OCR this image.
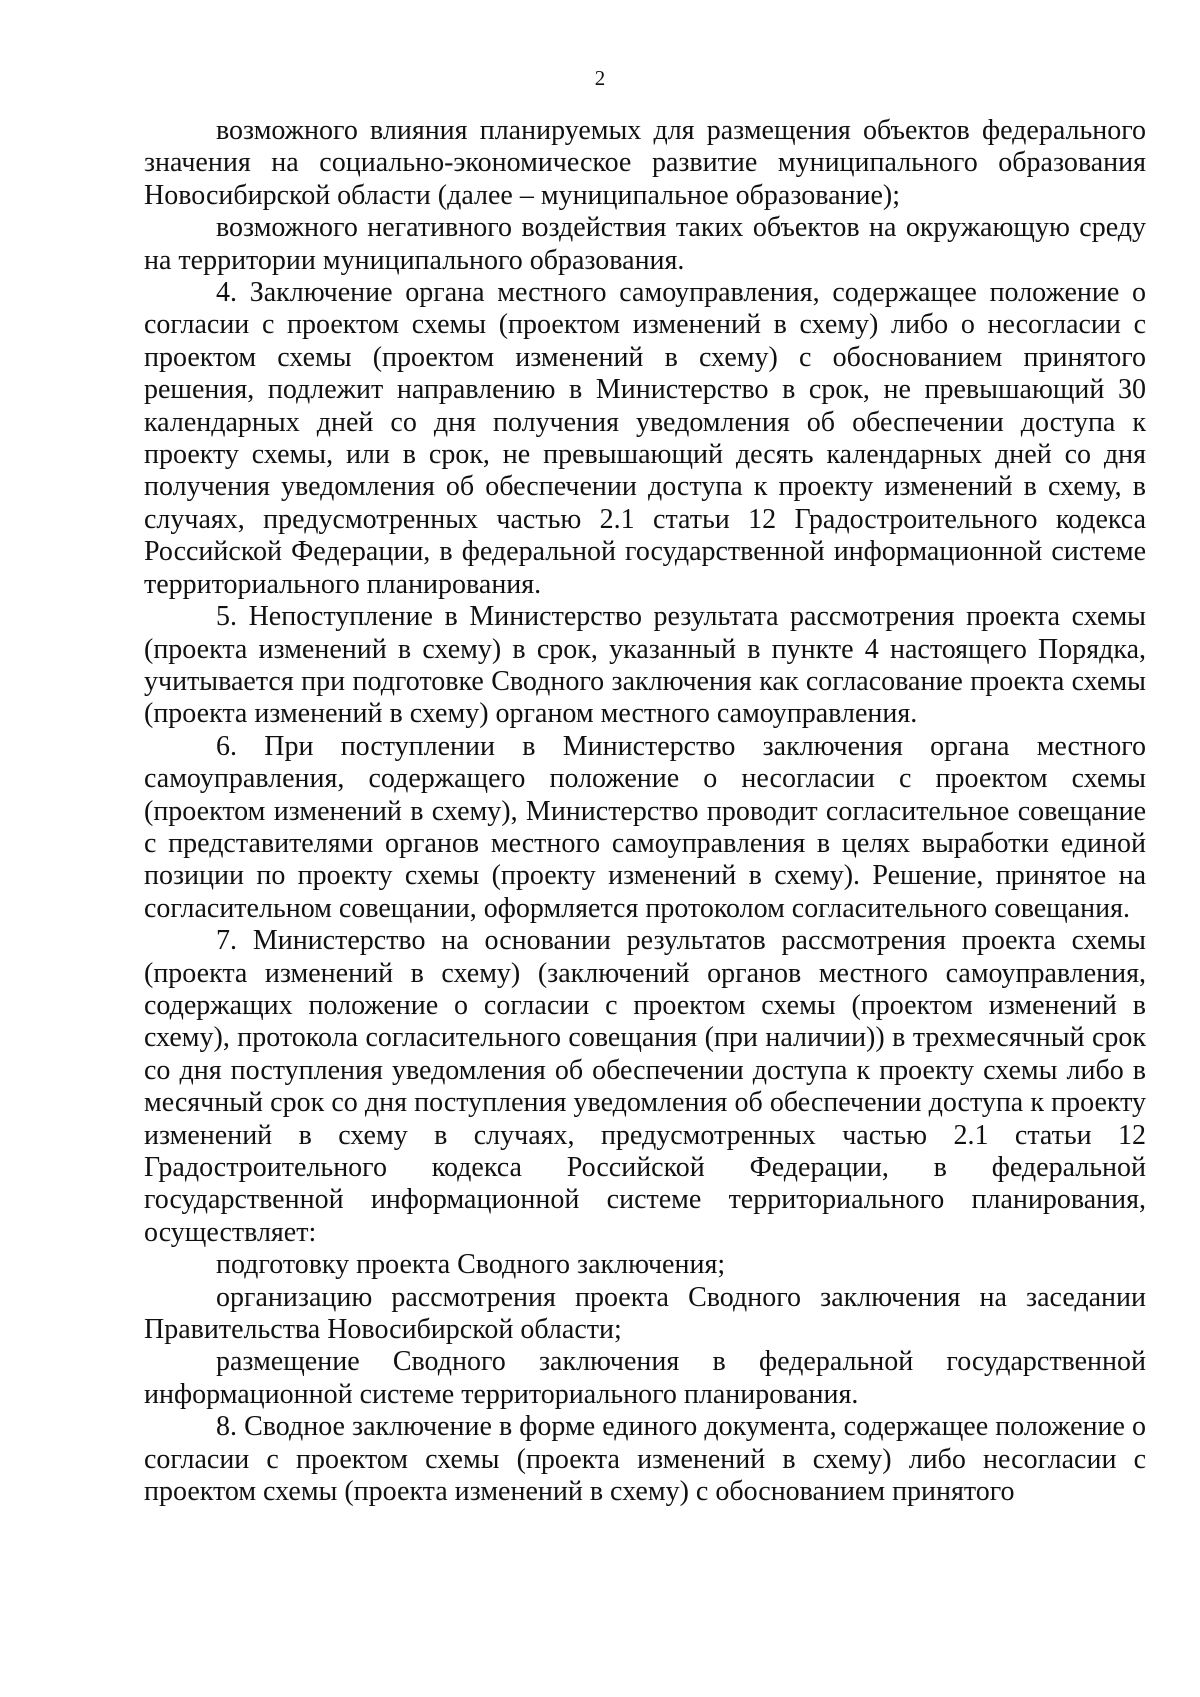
2

возможного влияния планируемых для размещения объектов федерального значения на социально-экономическое развитие муниципального образования Новосибирской области (далее – муниципальное образование);

возможного негативного воздействия таких объектов на окружающую среду на территории муниципального образования.

4. Заключение органа местного самоуправления, содержащее положение о согласии с проектом схемы (проектом изменений в схему) либо о несогласии с проектом схемы (проектом изменений в схему) с обоснованием принятого решения, подлежит направлению в Министерство в срок, не превышающий 30 календарных дней со дня получения уведомления об обеспечении доступа к проекту схемы, или в срок, не превышающий десять календарных дней со дня получения уведомления об обеспечении доступа к проекту изменений в схему, в случаях, предусмотренных частью 2.1 статьи 12 Градостроительного кодекса Российской Федерации, в федеральной государственной информационной системе территориального планирования.

5. Непоступление в Министерство результата рассмотрения проекта схемы (проекта изменений в схему) в срок, указанный в пункте 4 настоящего Порядка, учитывается при подготовке Сводного заключения как согласование проекта схемы (проекта изменений в схему) органом местного самоуправления.

6. При поступлении в Министерство заключения органа местного самоуправления, содержащего положение о несогласии с проектом схемы (проектом изменений в схему), Министерство проводит согласительное совещание с представителями органов местного самоуправления в целях выработки единой позиции по проекту схемы (проекту изменений в схему). Решение, принятое на согласительном совещании, оформляется протоколом согласительного совещания.

7. Министерство на основании результатов рассмотрения проекта схемы (проекта изменений в схему) (заключений органов местного самоуправления, содержащих положение о согласии с проектом схемы (проектом изменений в схему), протокола согласительного совещания (при наличии)) в трехмесячный срок со дня поступления уведомления об обеспечении доступа к проекту схемы либо в месячный срок со дня поступления уведомления об обеспечении доступа к проекту изменений в схему в случаях, предусмотренных частью 2.1 статьи 12 Градостроительного кодекса Российской Федерации, в федеральной государственной информационной системе территориального планирования, осуществляет:

подготовку проекта Сводного заключения;

организацию рассмотрения проекта Сводного заключения на заседании Правительства Новосибирской области;

размещение Сводного заключения в федеральной государственной информационной системе территориального планирования.

8. Сводное заключение в форме единого документа, содержащее положение о согласии с проектом схемы (проекта изменений в схему) либо несогласии с проектом схемы (проекта изменений в схему) с обоснованием принятого
